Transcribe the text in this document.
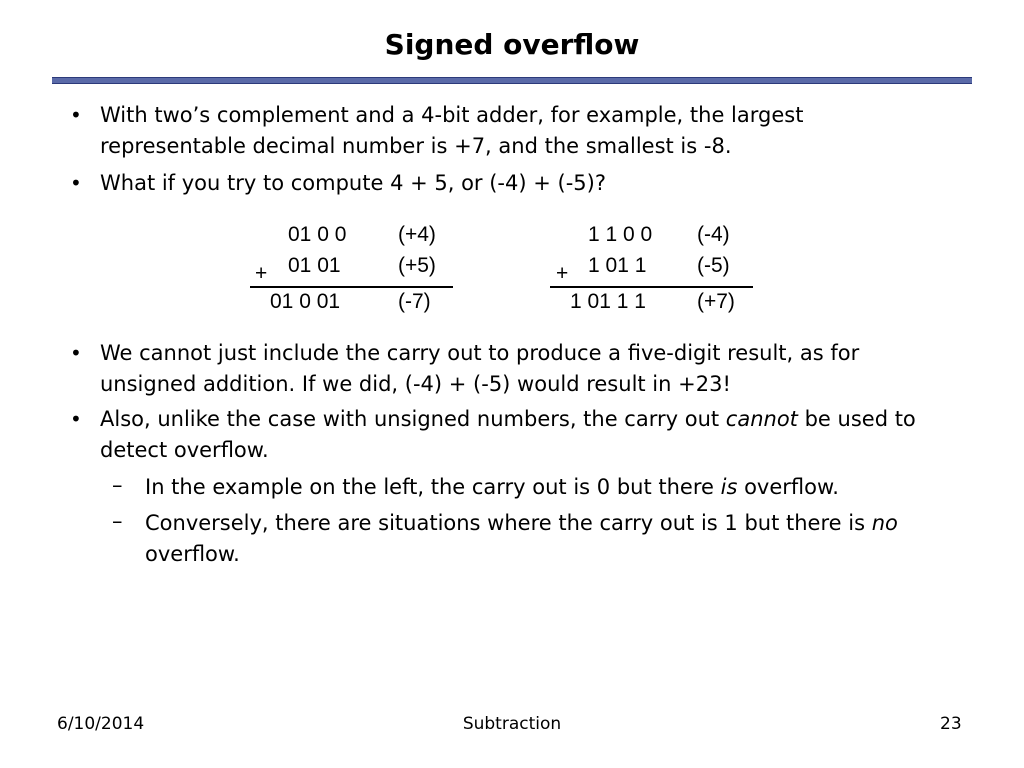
Signed overflow
• With two’s complement and a 4-bit adder, for example, the largest representable decimal number is +7, and the smallest is -8.
• What if you try to compute 4 + 5, or (-4) + (-5)?
+
01 0 0 (+4)
01 01	(+5)
01 0 01	(-7)
+
1 1 0 0 (-4)
1 01 1 (-5)
1 01 1 1 (+7)
• We cannot just include the carry out to produce a five-digit result, as for unsigned addition. If we did, (-4) + (-5) would result in +23!
• Also, unlike the case with unsigned numbers, the carry out cannot be used to detect overflow.
– In the example on the left, the carry out is 0 but there is overflow.
– Conversely, there are situations where the carry out is 1 but there is no overflow.
6/10/2014	Subtraction	23
